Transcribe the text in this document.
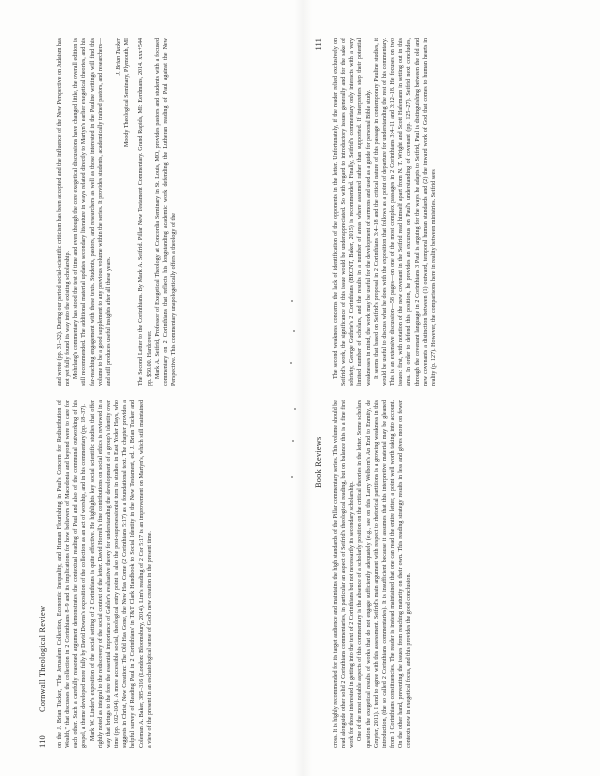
110
Cornwall Theological Review on the J. Brian Tucker, "The Jerusalem Collection, Economic Inequality, and Human Flourishing in Paul's Concern for Redistribution of Wealth," that discusses the collection in 2 Corinthians 8–9 and its implications for how believers of Macedonia and beyond were to care for each other. Such a carefully reasoned argument demonstrates the contextual reading of Paul and also of the communal outworking of his gospel, a theme developed more fully by David Downs's exposition of the collection as an act of worship, and in his commentary (pp. 18–37). Mark W. Linder's exposition of the social setting of 2 Corinthians is quite effective. He highlights key social scientific studies that offer rightly noted as integral to the rediscovery of the social context of the letter. David Horrell's fine contributions on social ethics is reviewed in a way that brings to the fore the essential importance of Gabler's evaluative theory for understanding the development of a group's identity over time (pp. 102–104). A more accessible social, theological entry point is also the post-supersessionist turn in studies in East Yoder Hays, who suggests in Christ, New Creation: The Old Has Gone, the New Has Come (2 Corinthians 5:17) as a foundational text. The chapter provides a helpful survey of Reading Paul in 2 Corinthians' in T&T Clark Handbook to Social Identity in the New Testament, ed. J. Brian Tucker and Coleman A. Baker, 385–316 (London: Bloomsbury, 2014). Lim's reading of 2 Cor 5:17 is an improvement on Martyn's, which still maintained a view of the present in an eschatological sense of God's new creation in the present time.

and wrote (pp. 31–32). During our period social-scientific criticism has been accepted and the influence of the New Perspective on Judaism has not yet fully found its way into the existing scholarship. Mohrlang's commentary has stood the test of time and even though the core exegetical discussions have changed little, the overall edition is still recommended. The additional material updates secondary literature in ways related directly to Martyn's earlier exegetical theories, and his far-reaching engagement with these texts. Students, pastors, and researchers as well as those interested in the Pauline writings will find this volume to be a good supplement to any previous volume within the series. It provides students, academically trained pastors, and researchers—and still produces useful insights after all these years.

J. Brian Tucker Moody Theological Seminary, Plymouth, MI The Second Letter to the Corinthians. By Mark A. Seifrid. Pillar New Testament Commentary. Grand Rapids, MI: Eerdmans, 2014. xxx+544 pp. $50.00. Hardcover. Mark A. Seifrid, Professor of Exegetical Theology at Concordia Seminary in St. Louis, MO, provides pastors and students with a focused commentary on 2 Corinthians that reflects his longstanding academic work defending the Lutheran reading of Paul against the New Perspective. This commentary unapologetically offers a theology of the

Book Reviews
111

cross. It is highly recommended for its target audience and maintains the high standards of the Pillar commentary series. This volume should be read alongside other solid 2 Corinthians commentaries, in particular an aspect of Seifrid's theological reading, but on balance this is a fine first work for those interested in getting into the text of 2 Corinthians but not necessarily its secondary scholarship. One of the most notable aspects of this commentary is the absence of a scholarly position on the critical theories in the letter. Some scholars question the exegetical results of works that do not engage sufficiently adequately (e.g., see on this Larry Welborn's An End to Enmity, de Gruyter, 2011). I tend to agree with this assessment. Seifrid's main argument with respect to rhetorical partitions is a growing weakness in this introduction, (the so called 2 Corinthians commentaries). It is insufficient because it assumes that this interpretive material may be gleaned from 1 Corinthians constituencies. The reader is instead maintained that one can read the entire letter, a point well worth taking into account. On the other hand, preventing the issues from reaching maturity on their own. This reading strategy results in less and gives more on fewer contexts now in exegetical focus, and this provides the good conclusion.

The second weakness concerns the lack of identification of the opponents in the letter. Unfortunately, if the reader relied exclusively on Seifrid's work, the significance of this issue would be underappreciated. So with regard to introductory issues generally and for the sake of sobriety, George Guthrie's 2 Corinthians (BECNT, Baker, 2015) is recommended. Finally, Seifrid's commentary only interacts with a very limited number of scholars, and the results in a number of areas where assumed rather than supported. If interpreters step their potential weaknesses in mind, the work may be useful for the development of sermons and used as a guide for personal Bible study. It seems that based on Seifrid's proposal in 2 Corinthians 3:4–18 and the critical nature of this passage in contemporary Pauline studies, it would be useful to discuss what he does with the exposition that follows as a point of departure for understanding the rest of his commentary. This is an extensive discussion—58 pages—on one of the most complex passages in 2 Corinthians 3:4–11 and 3:12–18. He focuses on two issues: first, with notation of the new covenant in the Seifrid read himself apart from N. T. Wright and Scott Hafemann in setting out in this area. In order to defend this position, he provides an excursus on Paul's understanding of covenant (pp. 125–27). Seifrid next concludes, through the covenant language in 2 Corinthians 3 Paul is arguing for the ways he adapts to Seifrid, Paul is distinguishing between the old and new covenants a distinction between (1) outward, temporal human standards and (2) the inward work of God that comes to human hearts in reality (p. 127). However, the comparisons here in reality between ministries. Seifrid sees
